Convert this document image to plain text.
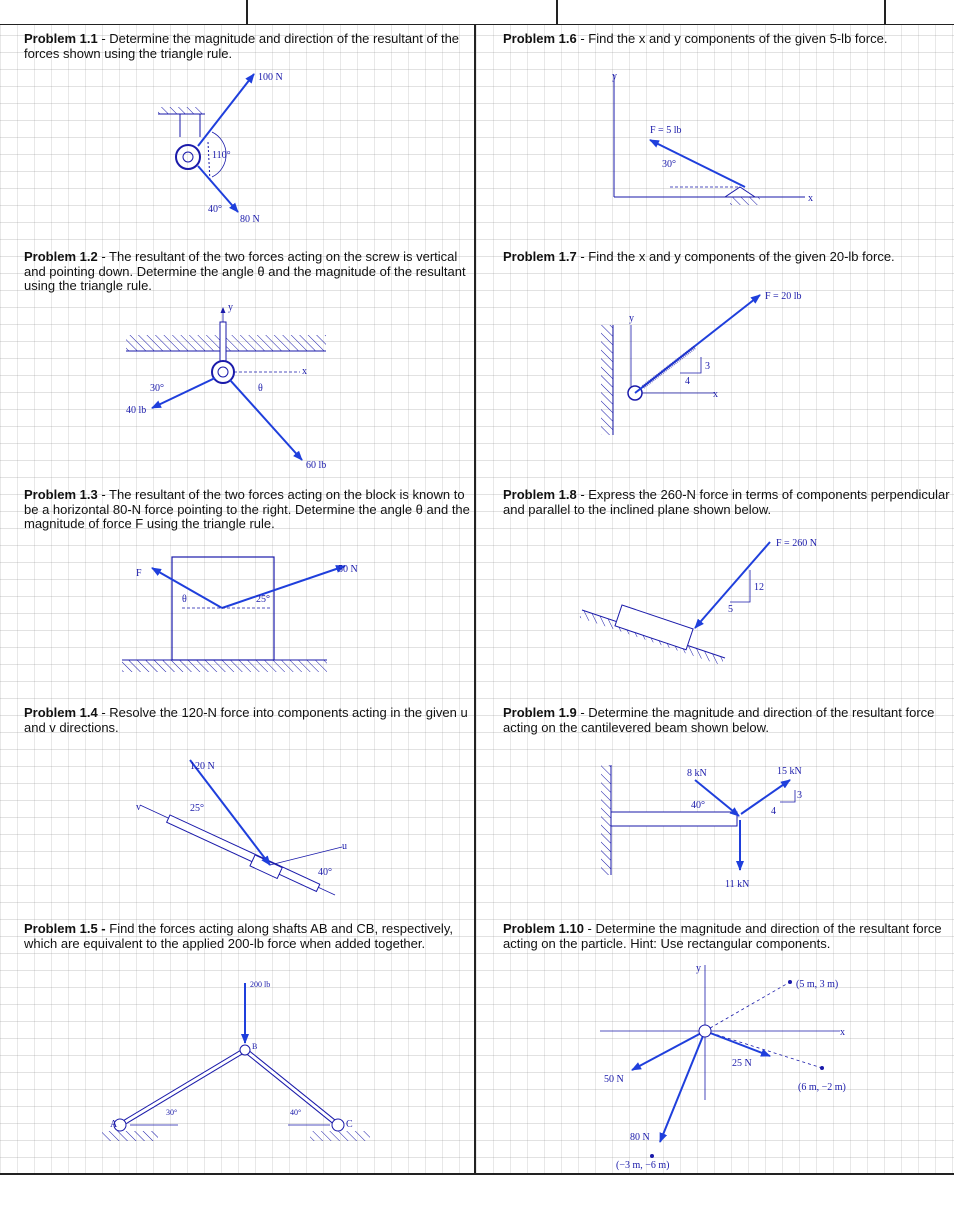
Problem 1.1 - Determine the magnitude and direction of the resultant of the forces shown using the triangle rule.
100 N
80 N
110°
40°
Problem 1.2 - The resultant of the two forces acting on the screw is vertical and pointing down. Determine the angle θ and the magnitude of the resultant using the triangle rule.
y
x
40 lb
60 lb
30°	θ
Problem 1.3 - The resultant of the two forces acting on the block is known to be a horizontal 80-N force pointing to the right. Determine the angle θ and the magnitude of force F using the triangle rule.
F	50 N
θ	25°
Problem 1.4 - Resolve the 120-N force into components acting in the given u and v directions.
120 N
u
v	25°
40°
Problem 1.5 - Find the forces acting along shafts AB and CB, respectively, which are equivalent to the applied 200-lb force when added together.
200 lb
A
B
C
30°	40°
Problem 1.6 - Find the x and y components of the given 5-lb force.
y
x
F = 5 lb
30°
Problem 1.7 - Find the x and y components of the given 20-lb force.
y
x
F = 20 lb
3
4
Problem 1.8 - Express the 260-N force in terms of components perpendicular and parallel to the inclined plane shown below.
F = 260 N
12
5
Problem 1.9 - Determine the magnitude and direction of the resultant force acting on the cantilevered beam shown below.
8 kN	15 kN
11 kN
40°
3
4
Problem 1.10 - Determine the magnitude and direction of the resultant force acting on the particle. Hint: Use rectangular components.
y
x
(5 m, 3 m)
(6 m, −2 m)
(−3 m, −6 m)
25 N
50 N
80 N
